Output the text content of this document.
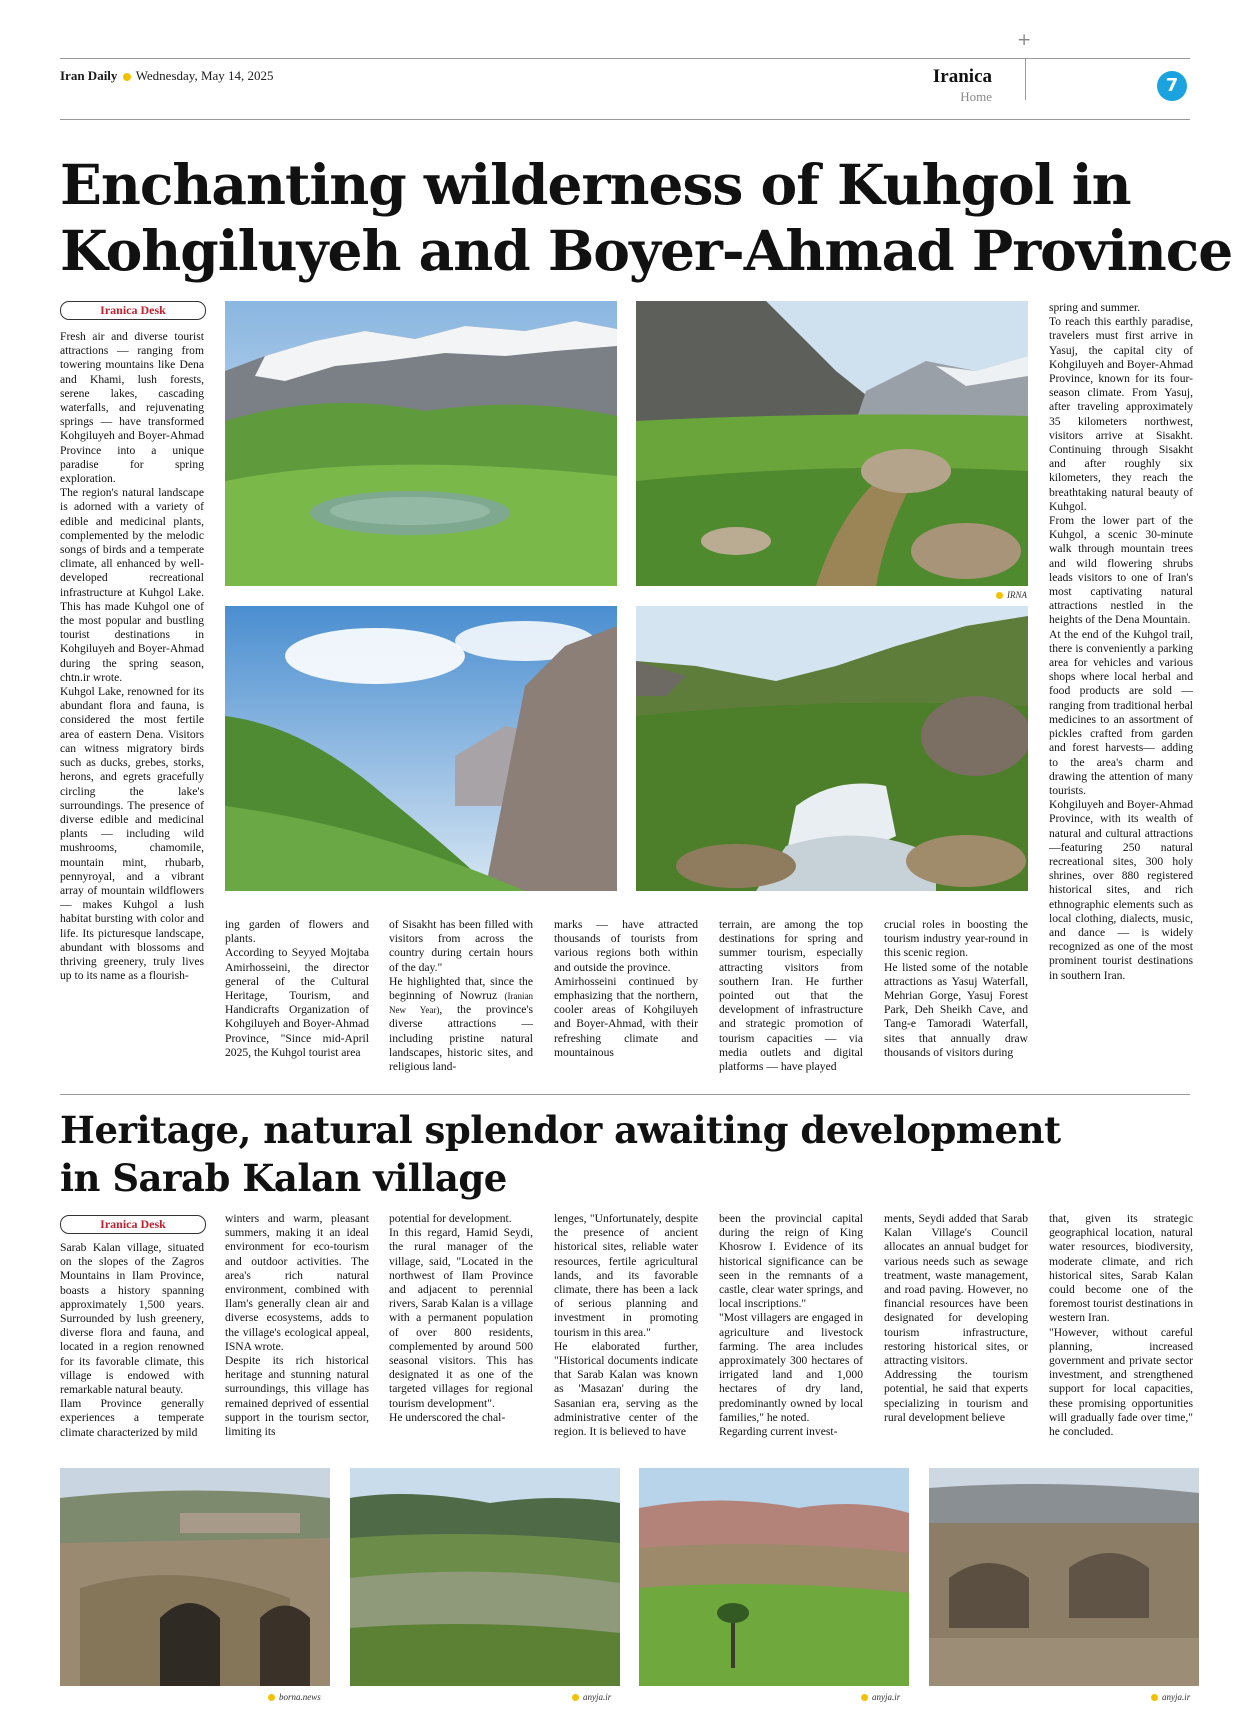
+
Iran Daily Wednesday, May 14, 2025	Iranica
Home
7
Enchanting wilderness of Kuhgol in
Kohgiluyeh and Boyer-Ahmad Province
Iranica Desk
IRNA

Fresh air and diverse tourist attractions — ranging from towering mountains like Dena and Khami, lush forests, serene lakes, cascading waterfalls, and rejuvenating springs — have transformed Kohgiluyeh and Boyer-Ahmad Province into a unique paradise for spring exploration.
The region's natural landscape is adorned with a variety of edible and medicinal plants, complemented by the melodic songs of birds and a temperate climate, all enhanced by well-developed recreational infrastructure at Kuhgol Lake. This has made Kuhgol one of the most popular and bustling tourist destinations in Kohgiluyeh and Boyer-Ahmad during the spring season, chtn.ir wrote.
Kuhgol Lake, renowned for its abundant flora and fauna, is considered the most fertile area of eastern Dena. Visitors can witness migratory birds such as ducks, grebes, storks, herons, and egrets gracefully circling the lake's surroundings. The presence of diverse edible and medicinal plants — including wild mushrooms, chamomile, mountain mint, rhubarb, pennyroyal, and a vibrant array of mountain wildflowers — makes Kuhgol a lush habitat bursting with color and life. Its picturesque landscape, abundant with blossoms and thriving greenery, truly lives up to its name as a flourish-

ing garden of flowers and plants.
According to Seyyed Mojtaba Amirhosseini, the director general of the Cultural Heritage, Tourism, and Handicrafts Organization of Kohgiluyeh and Boyer-Ahmad Province, "Since mid-April 2025, the Kuhgol tourist area

of Sisakht has been filled with visitors from across the country during certain hours of the day."
He highlighted that, since the beginning of Nowruz (Iranian New Year), the province's diverse attractions — including pristine natural landscapes, historic sites, and religious land-

marks — have attracted thousands of tourists from various regions both within and outside the province.
Amirhosseini continued by emphasizing that the northern, cooler areas of Kohgiluyeh and Boyer-Ahmad, with their refreshing climate and mountainous

terrain, are among the top destinations for spring and summer tourism, especially attracting visitors from southern Iran. He further pointed out that the development of infrastructure and strategic promotion of tourism capacities — via media outlets and digital platforms — have played

crucial roles in boosting the tourism industry year-round in this scenic region.
He listed some of the notable attractions as Yasuj Waterfall, Mehrian Gorge, Yasuj Forest Park, Deh Sheikh Cave, and Tang-e Tamoradi Waterfall, sites that annually draw thousands of visitors during

spring and summer.
To reach this earthly paradise, travelers must first arrive in Yasuj, the capital city of Kohgiluyeh and Boyer-Ahmad Province, known for its four-season climate. From Yasuj, after traveling approximately 35 kilometers northwest, visitors arrive at Sisakht. Continuing through Sisakht and after roughly six kilometers, they reach the breathtaking natural beauty of Kuhgol.
From the lower part of the Kuhgol, a scenic 30-minute walk through mountain trees and wild flowering shrubs leads visitors to one of Iran's most captivating natural attractions nestled in the heights of the Dena Mountain.
At the end of the Kuhgol trail, there is conveniently a parking area for vehicles and various shops where local herbal and food products are sold — ranging from traditional herbal medicines to an assortment of pickles crafted from garden and forest harvests— adding to the area's charm and drawing the attention of many tourists.
Kohgiluyeh and Boyer-Ahmad Province, with its wealth of natural and cultural attractions—featuring 250 natural recreational sites, 300 holy shrines, over 880 registered historical sites, and rich ethnographic elements such as local clothing, dialects, music, and dance — is widely recognized as one of the most prominent tourist destinations in southern Iran.

Heritage, natural splendor awaiting development
in Sarab Kalan village
Iranica Desk

Sarab Kalan village, situated on the slopes of the Zagros Mountains in Ilam Province, boasts a history spanning approximately 1,500 years. Surrounded by lush greenery, diverse flora and fauna, and located in a region renowned for its favorable climate, this village is endowed with remarkable natural beauty.
Ilam Province generally experiences a temperate climate characterized by mild

winters and warm, pleasant summers, making it an ideal environment for eco-tourism and outdoor activities. The area's rich natural environment, combined with Ilam's generally clean air and diverse ecosystems, adds to the village's ecological appeal, ISNA wrote.
Despite its rich historical heritage and stunning natural surroundings, this village has remained deprived of essential support in the tourism sector, limiting its

potential for development.
In this regard, Hamid Seydi, the rural manager of the village, said, "Located in the northwest of Ilam Province and adjacent to perennial rivers, Sarab Kalan is a village with a permanent population of over 800 residents, complemented by around 500 seasonal visitors. This has designated it as one of the targeted villages for regional tourism development".
He underscored the chal-

lenges, "Unfortunately, despite the presence of ancient historical sites, reliable water resources, fertile agricultural lands, and its favorable climate, there has been a lack of serious planning and investment in promoting tourism in this area."
He elaborated further, "Historical documents indicate that Sarab Kalan was known as 'Masazan' during the Sasanian era, serving as the administrative center of the region. It is believed to have

been the provincial capital during the reign of King Khosrow I. Evidence of its historical significance can be seen in the remnants of a castle, clear water springs, and local inscriptions."
"Most villagers are engaged in agriculture and livestock farming. The area includes approximately 300 hectares of irrigated land and 1,000 hectares of dry land, predominantly owned by local families," he noted.
Regarding current invest-

ments, Seydi added that Sarab Kalan Village's Council allocates an annual budget for various needs such as sewage treatment, waste management, and road paving. However, no financial resources have been designated for developing tourism infrastructure, restoring historical sites, or attracting visitors.
Addressing the tourism potential, he said that experts specializing in tourism and rural development believe

that, given its strategic geographical location, natural water resources, biodiversity, moderate climate, and rich historical sites, Sarab Kalan could become one of the foremost tourist destinations in western Iran.
"However, without careful planning, increased government and private sector investment, and strengthened support for local capacities, these promising opportunities will gradually fade over time," he concluded.

borna.news	anyja.ir	anyja.ir	anyja.ir
